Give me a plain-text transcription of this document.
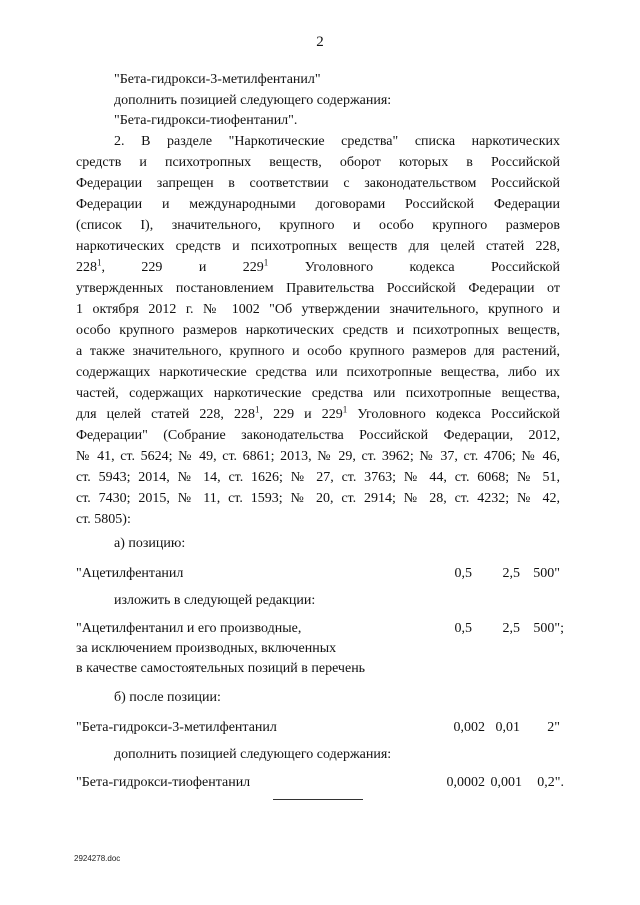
2
"Бета-гидрокси-3-метилфентанил"
дополнить позицией следующего содержания:
"Бета-гидрокси-тиофентанил".
2. В разделе "Наркотические средства" списка наркотических
средств и психотропных веществ, оборот которых в Российской
Федерации запрещен в соответствии с законодательством Российской
Федерации и международными договорами Российской Федерации
(список I), значительного, крупного и особо крупного размеров
наркотических средств и психотропных веществ для целей статей 228,
$228^1$, 229 и $229^1$ Уголовного кодекса Российской
утвержденных постановлением Правительства Российской Федерации от
1 октября 2012 г. № 1002 "Об утверждении значительного, крупного и
особо крупного размеров наркотических средств и психотропных веществ,
а также значительного, крупного и особо крупного размеров для растений,
содержащих наркотические средства или психотропные вещества, либо их
частей, содержащих наркотические средства или психотропные вещества,
для целей статей 228, $228^1$, 229 и $229^1$ Уголовного кодекса Российской
Федерации" (Собрание законодательства Российской Федерации, 2012,
№ 41, ст. 5624; № 49, ст. 6861; 2013, № 29, ст. 3962; № 37, ст. 4706; № 46,
ст. 5943; 2014, № 14, ст. 1626; № 27, ст. 3763; № 44, ст. 6068; № 51,
ст. 7430; 2015, № 11, ст. 1593; № 20, ст. 2914; № 28, ст. 4232; № 42,
ст. 5805):
а) позицию:
"Ацетилфентанил	0,5 2,5 500"
изложить в следующей редакции:
"Ацетилфентанил и его производные,	0,5 2,5 500";
за исключением производных, включенных
в качестве самостоятельных позиций в перечень
б) после позиции:
"Бета-гидрокси-3-метилфентанил	0,002 0,01 2"
дополнить позицией следующего содержания:
"Бета-гидрокси-тиофентанил	0,0002 0,001 0,2".
2924278.doc
